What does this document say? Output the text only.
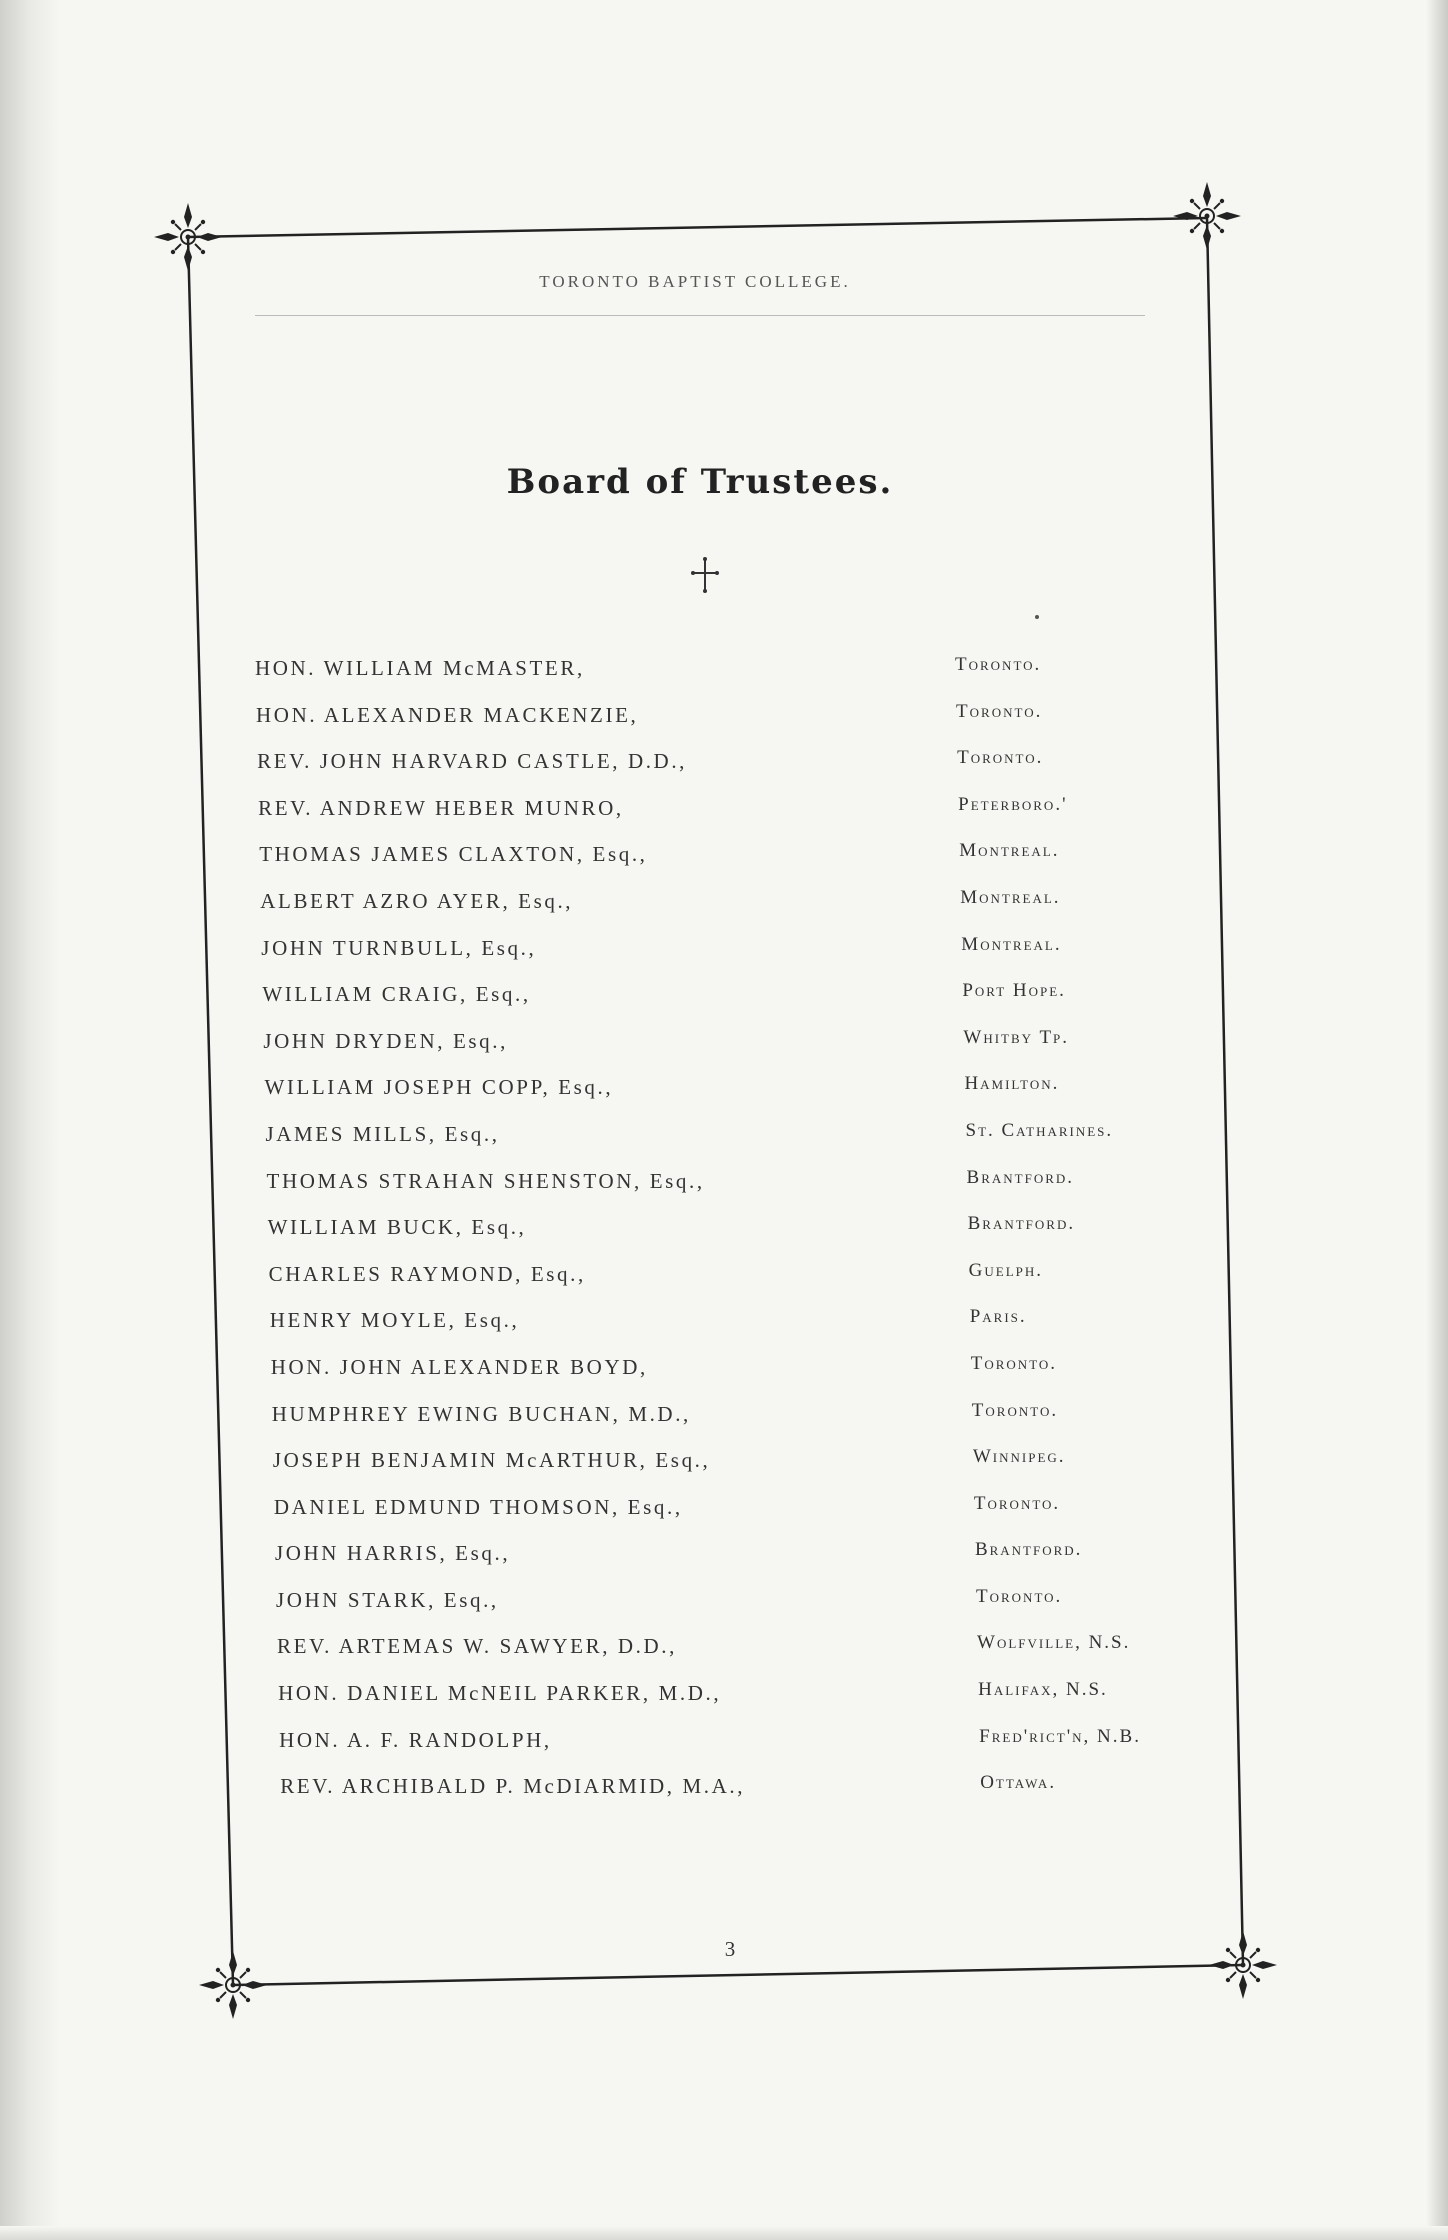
TORONTO BAPTIST COLLEGE.
Board of Trustees.
HON. WILLIAM McMASTER,	Toronto.
HON. ALEXANDER MACKENZIE,	Toronto.
REV. JOHN HARVARD CASTLE, D.D.,	Toronto.
REV. ANDREW HEBER MUNRO,	Peterboro.'
THOMAS JAMES CLAXTON, Esq.,	Montreal.
ALBERT AZRO AYER, Esq.,	Montreal.
JOHN TURNBULL, Esq.,	Montreal.
WILLIAM CRAIG, Esq.,	Port Hope.
JOHN DRYDEN, Esq.,	Whitby Tp.
WILLIAM JOSEPH COPP, Esq.,	Hamilton.
JAMES MILLS, Esq.,	St. Catharines.
THOMAS STRAHAN SHENSTON, Esq.,	Brantford.
WILLIAM BUCK, Esq.,	Brantford.
CHARLES RAYMOND, Esq.,	Guelph.
HENRY MOYLE, Esq.,	Paris.
HON. JOHN ALEXANDER BOYD,	Toronto.
HUMPHREY EWING BUCHAN, M.D.,	Toronto.
JOSEPH BENJAMIN McARTHUR, Esq.,	Winnipeg.
DANIEL EDMUND THOMSON, Esq.,	Toronto.
JOHN HARRIS, Esq.,	Brantford.
JOHN STARK, Esq.,	Toronto.
REV. ARTEMAS W. SAWYER, D.D.,	Wolfville, N.S.
HON. DANIEL McNEIL PARKER, M.D.,	Halifax, N.S.
HON. A. F. RANDOLPH,	Fred'rict'n, N.B.
REV. ARCHIBALD P. McDIARMID, M.A.,	Ottawa.
3
